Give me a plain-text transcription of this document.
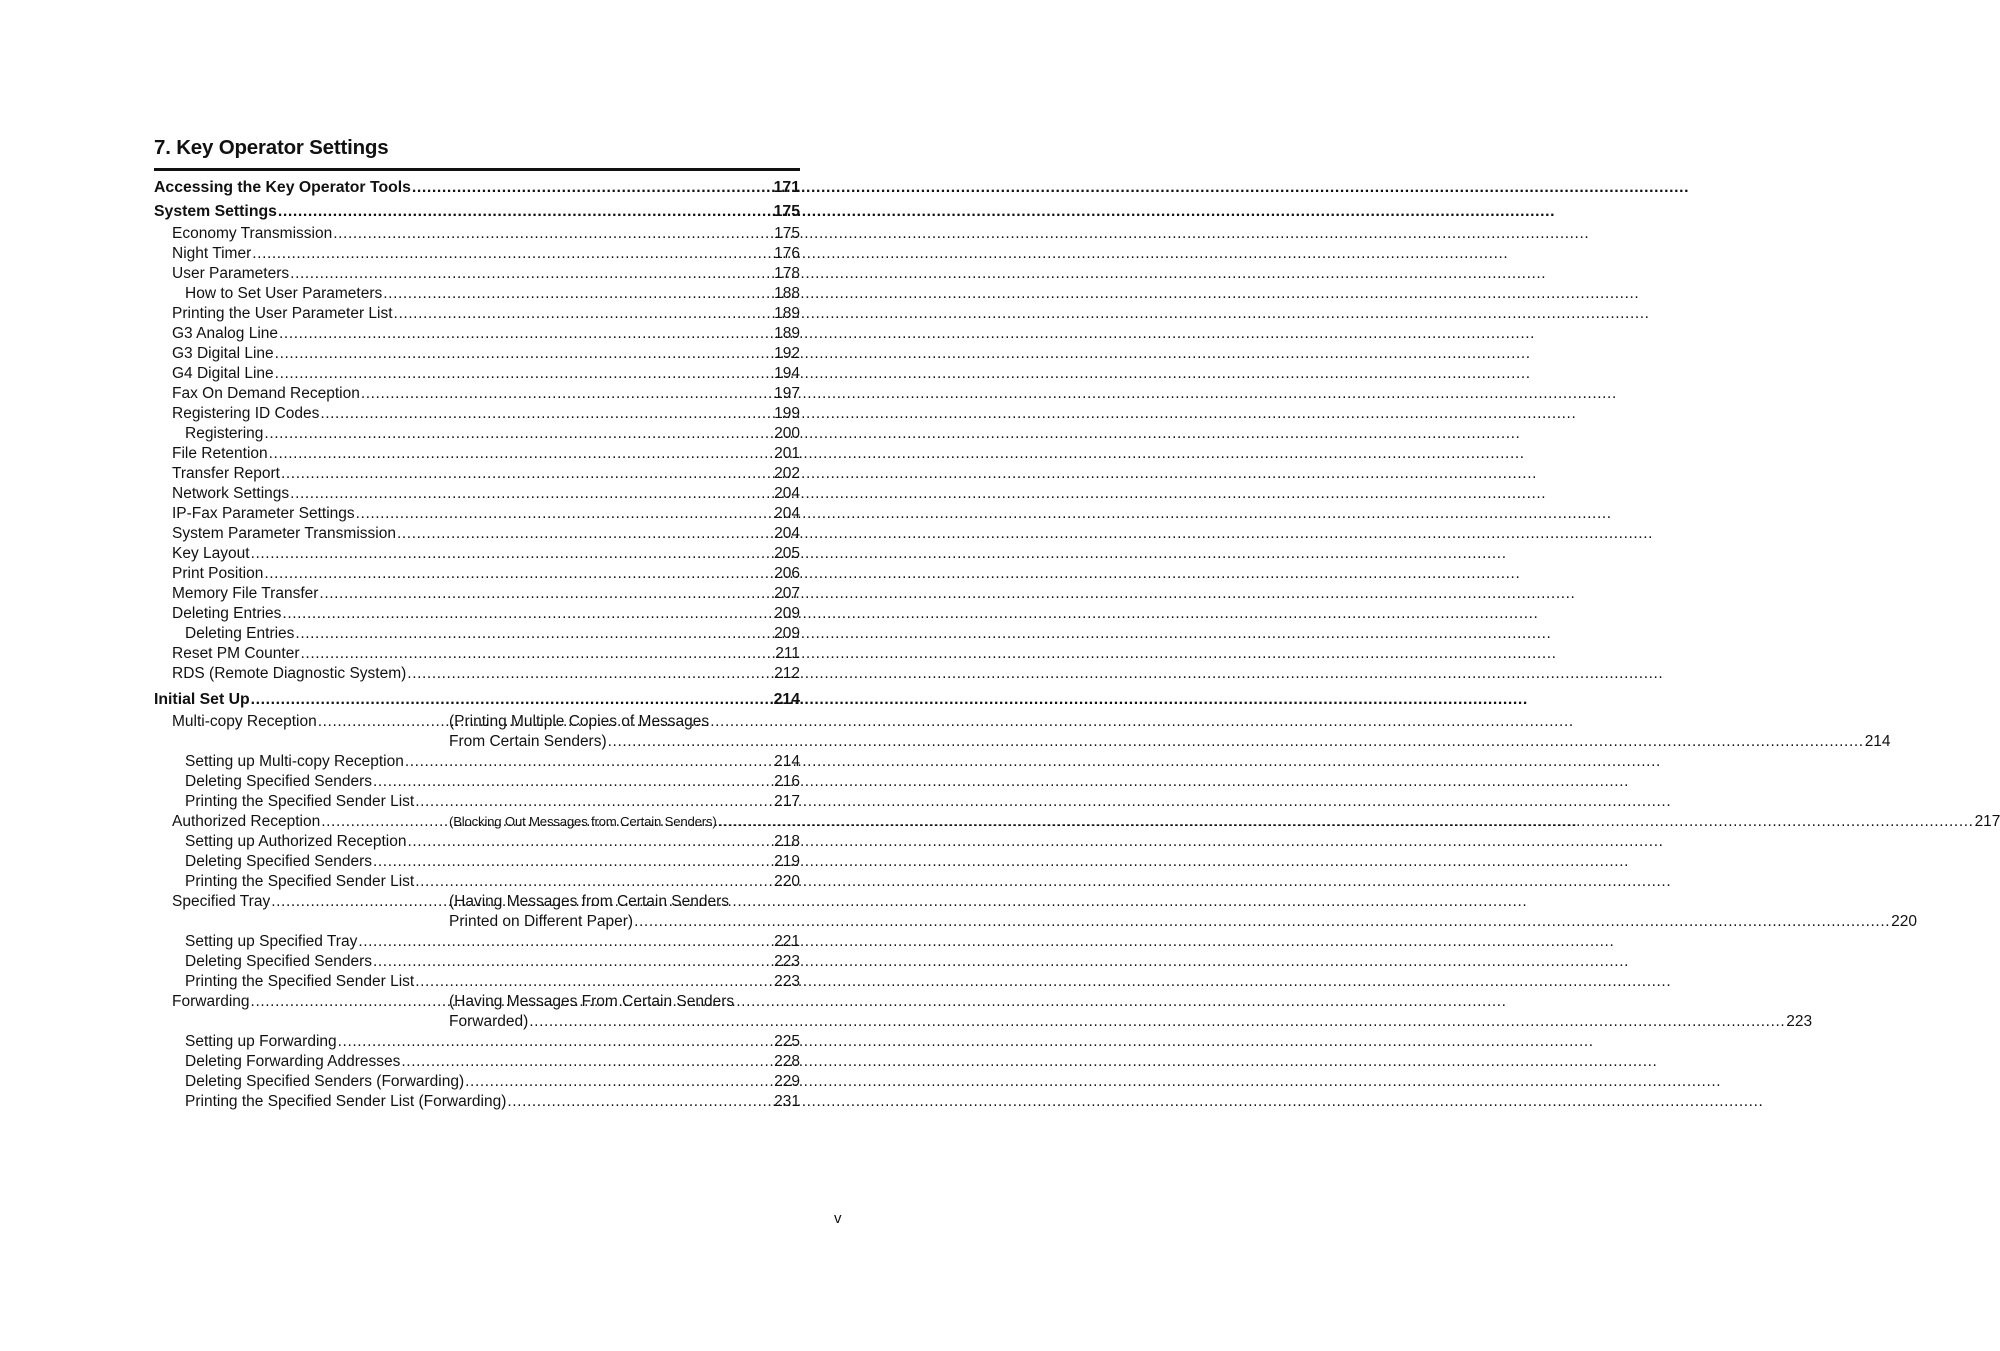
7. Key Operator Settings
Accessing the Key Operator Tools .....	171
System Settings .....	175
Economy Transmission .....	175
Night Timer .....	176
User Parameters .....	178
How to Set User Parameters .....	188
Printing the User Parameter List .....	189
G3 Analog Line .....	189
G3 Digital Line .....	192
G4 Digital Line .....	194
Fax On Demand Reception .....	197
Registering ID Codes .....	199
Registering .....	200
File Retention .....	201
Transfer Report .....	202
Network Settings .....	204
IP-Fax Parameter Settings .....	204
System Parameter Transmission .....	204
Key Layout .....	205
Print Position .....	206
Memory File Transfer .....	207
Deleting Entries .....	209
Deleting Entries .....	209
Reset PM Counter .....	211
RDS (Remote Diagnostic System) .....	212
Initial Set Up .....	214
Multi-copy Reception .....	(Printing Multiple Copies of Messages
From Certain Senders) .....	214
Setting up Multi-copy Reception .....	214
Deleting Specified Senders .....	216
Printing the Specified Sender List .....	217
Authorized Reception .....	(Blocking Out Messages from Certain Senders) .....	217
Setting up Authorized Reception .....	218
Deleting Specified Senders .....	219
Printing the Specified Sender List .....	220
Specified Tray .....	(Having Messages from Certain Senders
Printed on Different Paper) .....	220
Setting up Specified Tray .....	221
Deleting Specified Senders .....	223
Printing the Specified Sender List .....	223
Forwarding .....	(Having Messages From Certain Senders
Forwarded) .....	223
Setting up Forwarding .....	225
Deleting Forwarding Addresses .....	228
Deleting Specified Senders (Forwarding) .....	229
Printing the Specified Sender List (Forwarding) .....	231
v
